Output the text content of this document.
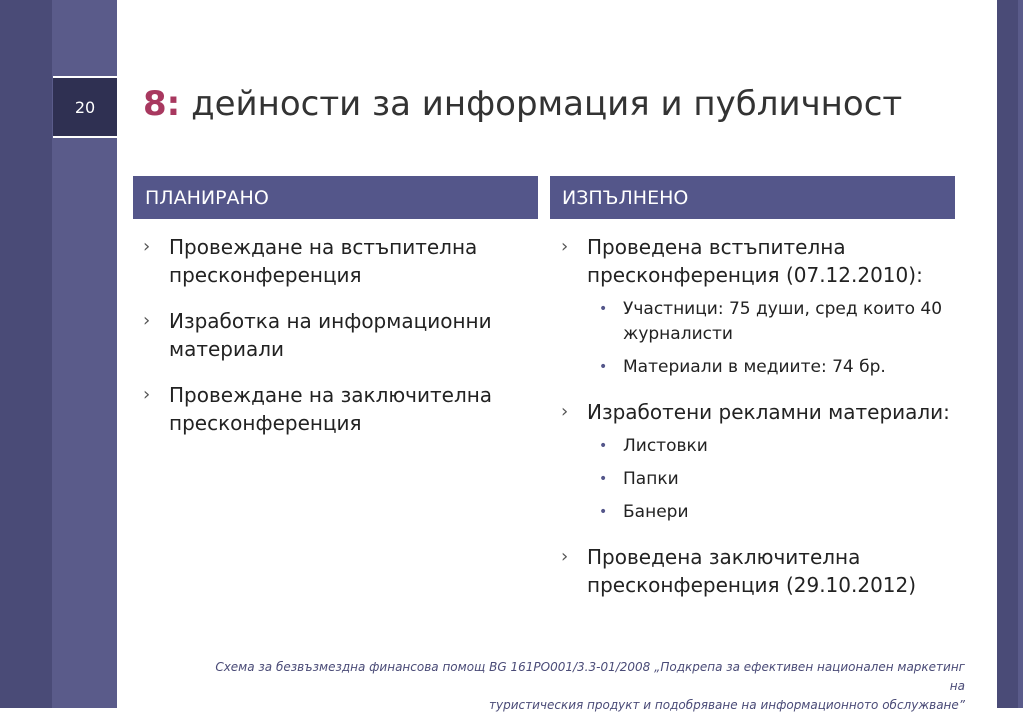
20	8: дейности за информация и публичност
ПЛАНИРАНО	ИЗПЪЛНЕНО
› Провеждане на встъпителна пресконференция
› Изработка на информационни материали
› Провеждане на заключителна пресконференция
› Проведена встъпителна пресконференция (07.12.2010):
• Участници: 75 души, сред които 40 журналисти
• Материали в медиите: 74 бр.
› Изработени рекламни материали:
• Листовки
• Папки
• Банери
› Проведена заключителна пресконференция (29.10.2012)
Схема за безвъзмездна финансова помощ BG 161PO001/3.3-01/2008 „Подкрепа за ефективен национален маркетинг на
туристическия продукт и подобряване на информационното обслужване”
